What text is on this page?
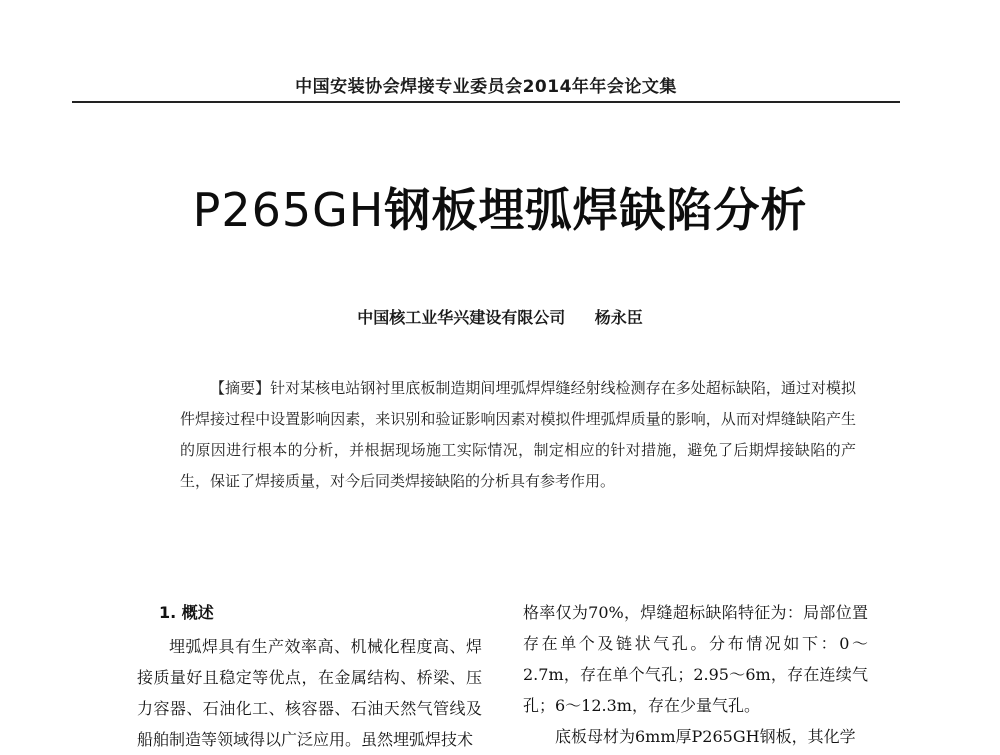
中国安装协会焊接专业委员会2014年年会论文集
P265GH钢板埋弧焊缺陷分析
中国核工业华兴建设有限公司 杨永臣
【摘要】针对某核电站钢衬里底板制造期间埋弧焊焊缝经射线检测存在多处超标缺陷，通过对模拟件焊接过程中设置影响因素，来识别和验证影响因素对模拟件埋弧焊质量的影响，从而对焊缝缺陷产生的原因进行根本的分析，并根据现场施工实际情况，制定相应的针对措施，避免了后期焊接缺陷的产生，保证了焊接质量，对今后同类焊接缺陷的分析具有参考作用。
1. 概述

埋弧焊具有生产效率高、机械化程度高、焊接质量好且稳定等优点，在金属结构、桥梁、压力容器、石油化工、核容器、石油天然气管线及船舶制造等领域得以广泛应用。虽然埋弧焊技术

格率仅为70%，焊缝超标缺陷特征为：局部位置存在单个及链状气孔。分布情况如下：0～2.7m，存在单个气孔；2.95～6m，存在连续气孔；6～12.3m，存在少量气孔。

底板母材为6mm厚P265GH钢板，其化学
